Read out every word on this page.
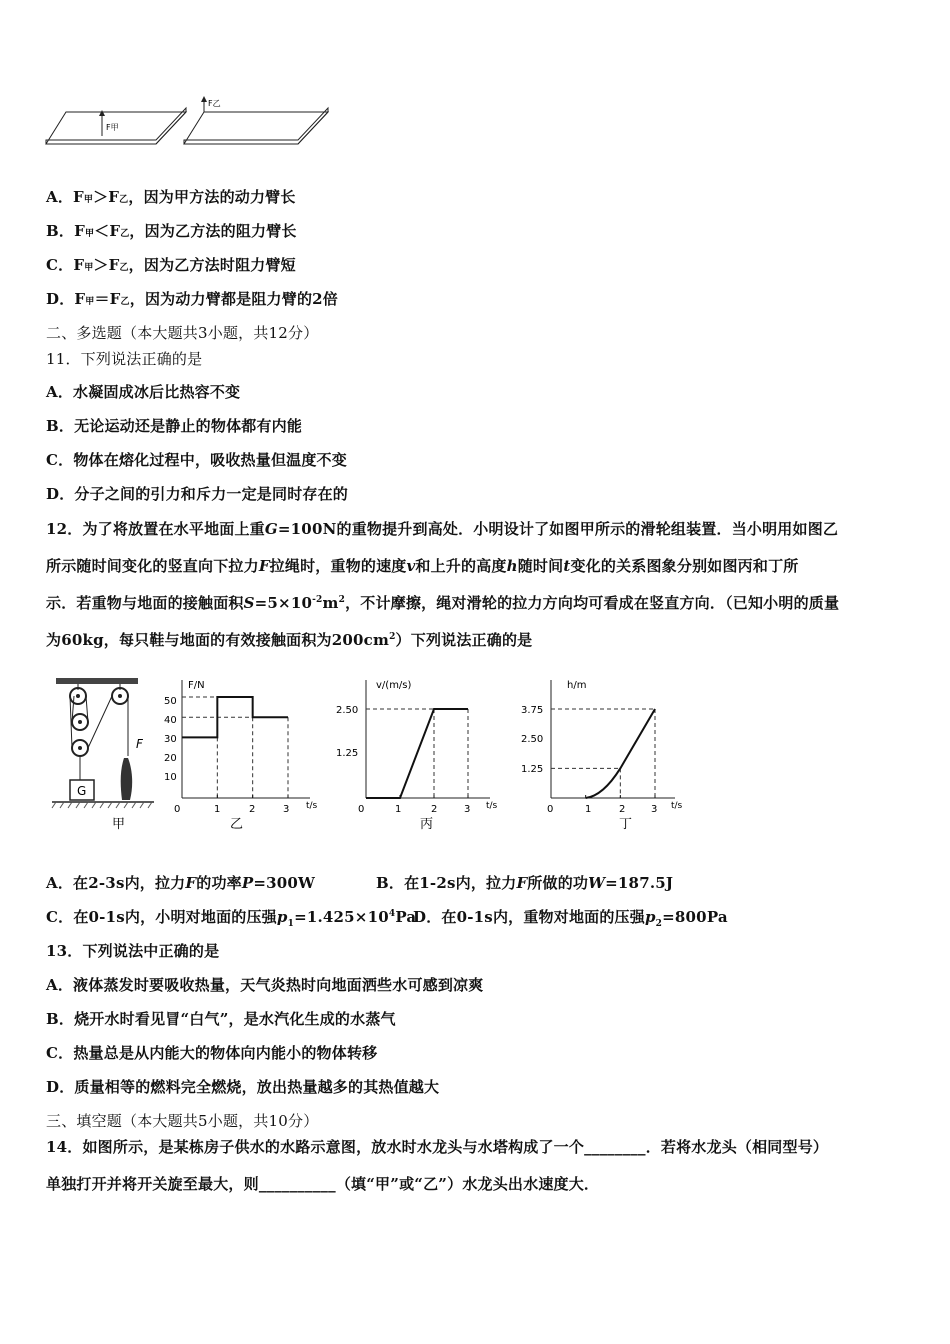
F甲
F乙
A．F甲＞F乙，因为甲方法的动力臂长
B．F甲＜F乙，因为乙方法的阻力臂长
C．F甲＞F乙，因为乙方法时阻力臂短
D．F甲＝F乙，因为动力臂都是阻力臂的2倍
二、多选题（本大题共3小题，共12分）
11．下列说法正确的是
A．水凝固成冰后比热容不变
B．无论运动还是静止的物体都有内能
C．物体在熔化过程中，吸收热量但温度不变
D．分子之间的引力和斥力一定是同时存在的
12．为了将放置在水平地面上重G=100N的重物提升到高处．小明设计了如图甲所示的滑轮组装置．当小明用如图乙
所示随时间变化的竖直向下拉力F拉绳时，重物的速度v和上升的高度h随时间t变化的关系图象分别如图丙和丁所
示．若重物与地面的接触面积$S=5\times 10^{-2}m^2$，不计摩擦，绳对滑轮的拉力方向均可看成在竖直方向．（已知小明的质量
为60kg，每只鞋与地面的有效接触面积为$200cm^2$）下列说法正确的是
G
F
甲
F/N
t/s
50
40
30
20
10
0	1	2	3
乙
v/(m/s)
t/s
2.50
1.25
0	1	2	3
丙
h/m
t/s
3.75
2.50
1.25
0	1	2	3
丁
A．在2-3s内，拉力F的功率P=300W	B．在1-2s内，拉力F所做的功W=187.5J
C．在0-1s内，小明对地面的压强$p_1=1.425\times 10^4Pa$
D．在0-1s内，重物对地面的压强$p_2=800Pa$
13．下列说法中正确的是
A．液体蒸发时要吸收热量，天气炎热时向地面洒些水可感到凉爽
B．烧开水时看见冒“白气”，是水汽化生成的水蒸气
C．热量总是从内能大的物体向内能小的物体转移
D．质量相等的燃料完全燃烧，放出热量越多的其热值越大
三、填空题（本大题共5小题，共10分）
14．如图所示，是某栋房子供水的水路示意图，放水时水龙头与水塔构成了一个________．若将水龙头（相同型号）
单独打开并将开关旋至最大，则__________（填“甲”或“乙”）水龙头出水速度大．
